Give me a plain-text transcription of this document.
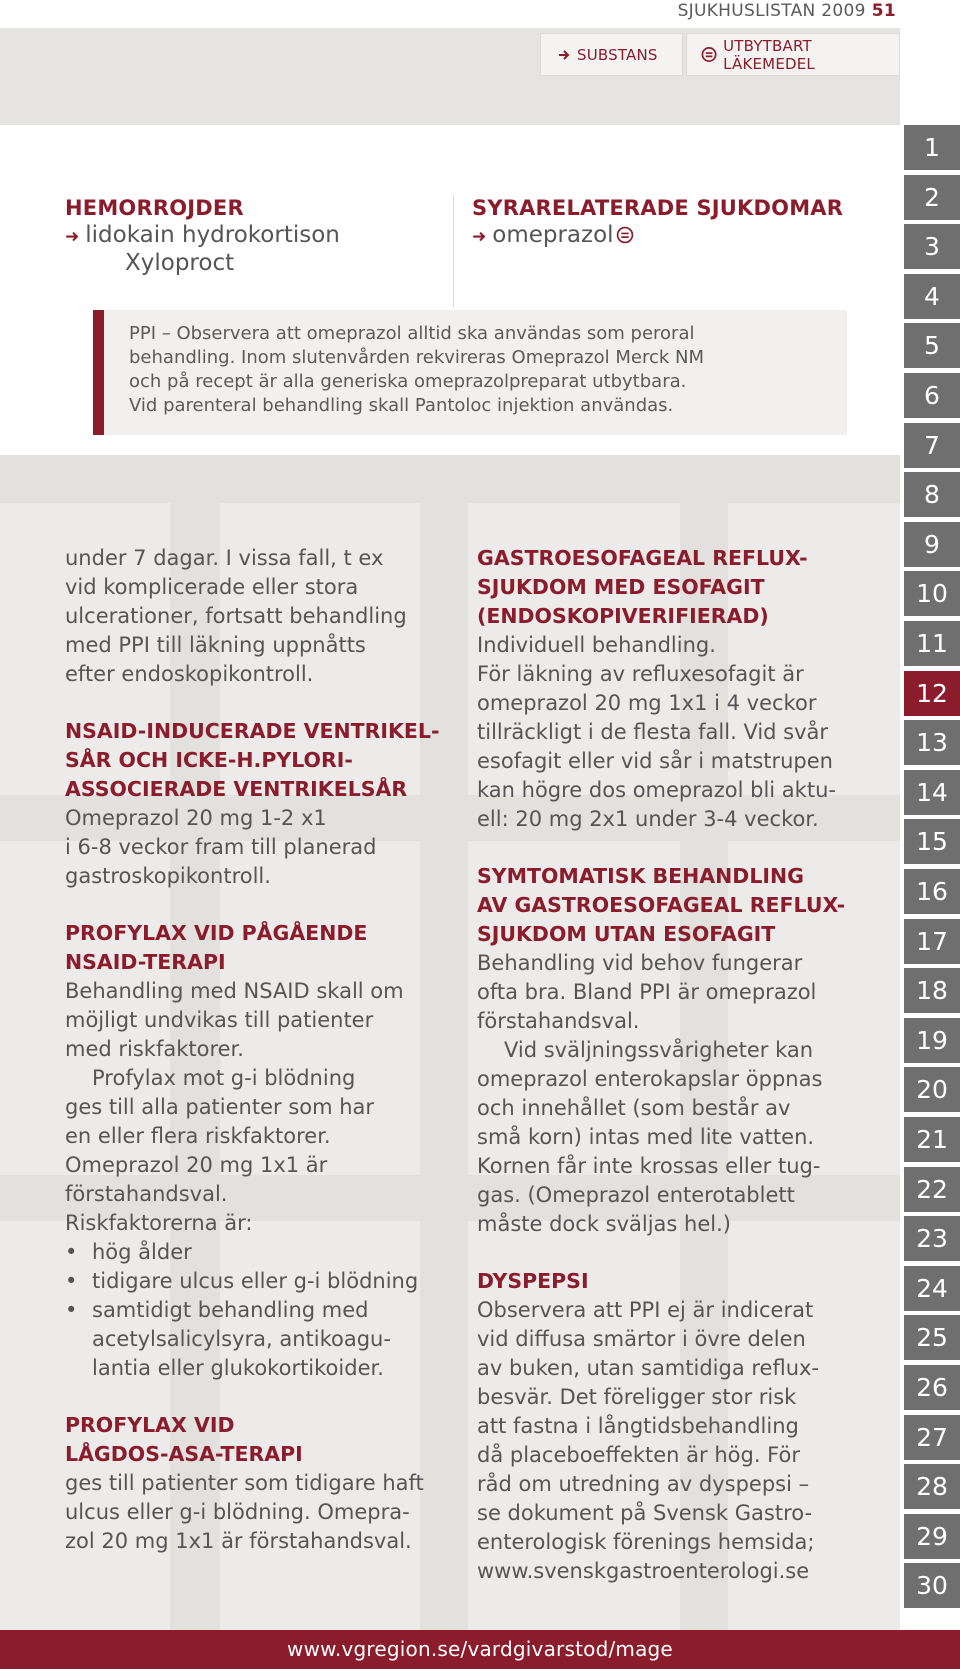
SJUKHUSLISTAN 2009 51
SUBSTANS	UTBYTBART LÄKEMEDEL
HEMORROJDER
➜ lidokain hydrokortison
Xyloproct
SYRARELATERADE SJUKDOMAR
➜ omeprazol
PPI – Observera att omeprazol alltid ska användas som peroral
behandling. Inom slutenvården rekvireras Omeprazol Merck NM
och på recept är alla generiska omeprazolpreparat utbytbara.
Vid parenteral behandling skall Pantoloc injektion användas.
under 7 dagar. I vissa fall, t ex
vid komplicerade eller stora
ulcerationer, fortsatt behandling
med PPI till läkning uppnåtts
efter endoskopikontroll.
NSAID-INDUCERADE VENTRIKEL-
SÅR OCH ICKE-H.PYLORI-
ASSOCIERADE VENTRIKELSÅR
Omeprazol 20 mg 1-2 x1
i 6-8 veckor fram till planerad
gastroskopikontroll.
PROFYLAX VID PÅGÅENDE
NSAID-TERAPI
Behandling med NSAID skall om
möjligt undvikas till patienter
med riskfaktorer.
Profylax mot g-i blödning
ges till alla patienter som har
en eller flera riskfaktorer.
Omeprazol 20 mg 1x1 är
förstahandsval.
Riskfaktorerna är:
• hög ålder
• tidigare ulcus eller g-i blödning
• samtidigt behandling med
acetylsalicylsyra, antikoagu-
lantia eller glukokortikoider.
PROFYLAX VID
LÅGDOS-ASA-TERAPI
ges till patienter som tidigare haft
ulcus eller g-i blödning. Omepra-
zol 20 mg 1x1 är förstahandsval.
GASTROESOFAGEAL REFLUX-
SJUKDOM MED ESOFAGIT
(ENDOSKOPIVERIFIERAD)
Individuell behandling.
För läkning av refluxesofagit är
omeprazol 20 mg 1x1 i 4 veckor
tillräckligt i de flesta fall. Vid svår
esofagit eller vid sår i matstrupen
kan högre dos omeprazol bli aktu-
ell: 20 mg 2x1 under 3-4 veckor.
SYMTOMATISK BEHANDLING
AV GASTROESOFAGEAL REFLUX-
SJUKDOM UTAN ESOFAGIT
Behandling vid behov fungerar
ofta bra. Bland PPI är omeprazol
förstahandsval.
Vid sväljningssvårigheter kan
omeprazol enterokapslar öppnas
och innehållet (som består av
små korn) intas med lite vatten.
Kornen får inte krossas eller tug-
gas. (Omeprazol enterotablett
måste dock sväljas hel.)
DYSPEPSI
Observera att PPI ej är indicerat
vid diffusa smärtor i övre delen
av buken, utan samtidiga reflux-
besvär. Det föreligger stor risk
att fastna i långtidsbehandling
då placeboeffekten är hög. För
råd om utredning av dyspepsi –
se dokument på Svensk Gastro-
enterologisk förenings hemsida;
www.svenskgastroenterologi.se
1
2
3
4
5
6
7
8
9
10
11
12
13
14
15
16
17
18
19
20
21
22
23
24
25
26
27
28
29
30
www.vgregion.se/vardgivarstod/mage
